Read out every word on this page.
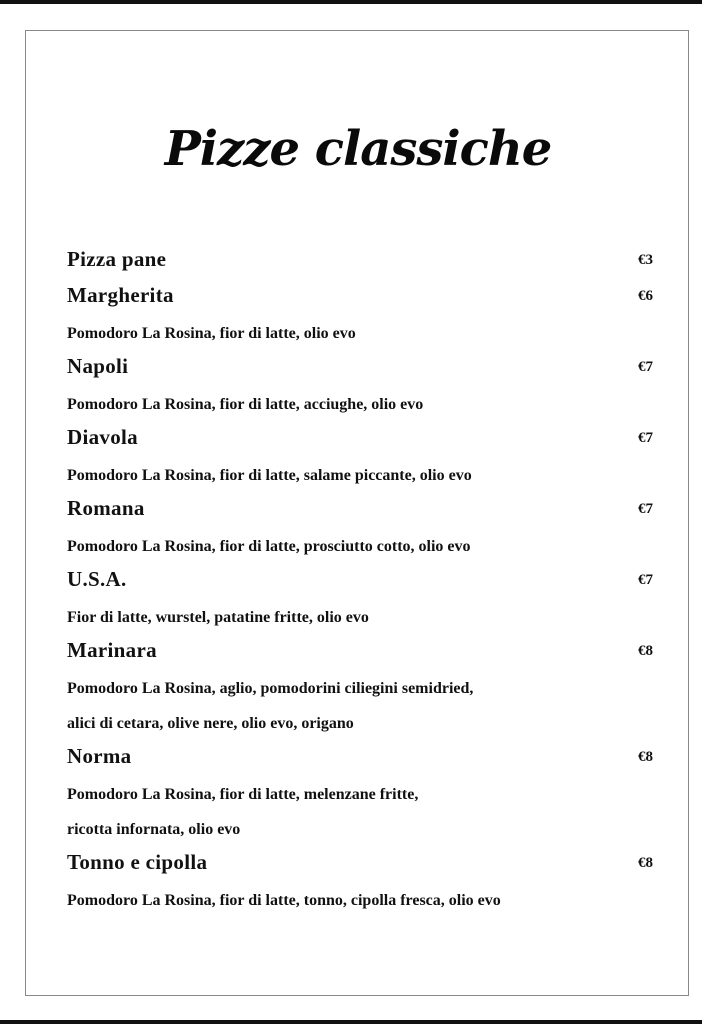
Pizze classiche
Pizza pane	€3
Margherita	€6

Pomodoro La Rosina, fior di latte, olio evo

Napoli	€7

Pomodoro La Rosina, fior di latte, acciughe, olio evo

Diavola	€7

Pomodoro La Rosina, fior di latte, salame piccante, olio evo

Romana	€7

Pomodoro La Rosina, fior di latte, prosciutto cotto, olio evo

U.S.A.	€7

Fior di latte, wurstel, patatine fritte, olio evo

Marinara	€8

Pomodoro La Rosina, aglio, pomodorini ciliegini semidried,

alici di cetara, olive nere, olio evo, origano

Norma	€8

Pomodoro La Rosina, fior di latte, melenzane fritte,

ricotta infornata, olio evo

Tonno e cipolla	€8

Pomodoro La Rosina, fior di latte, tonno, cipolla fresca, olio evo
